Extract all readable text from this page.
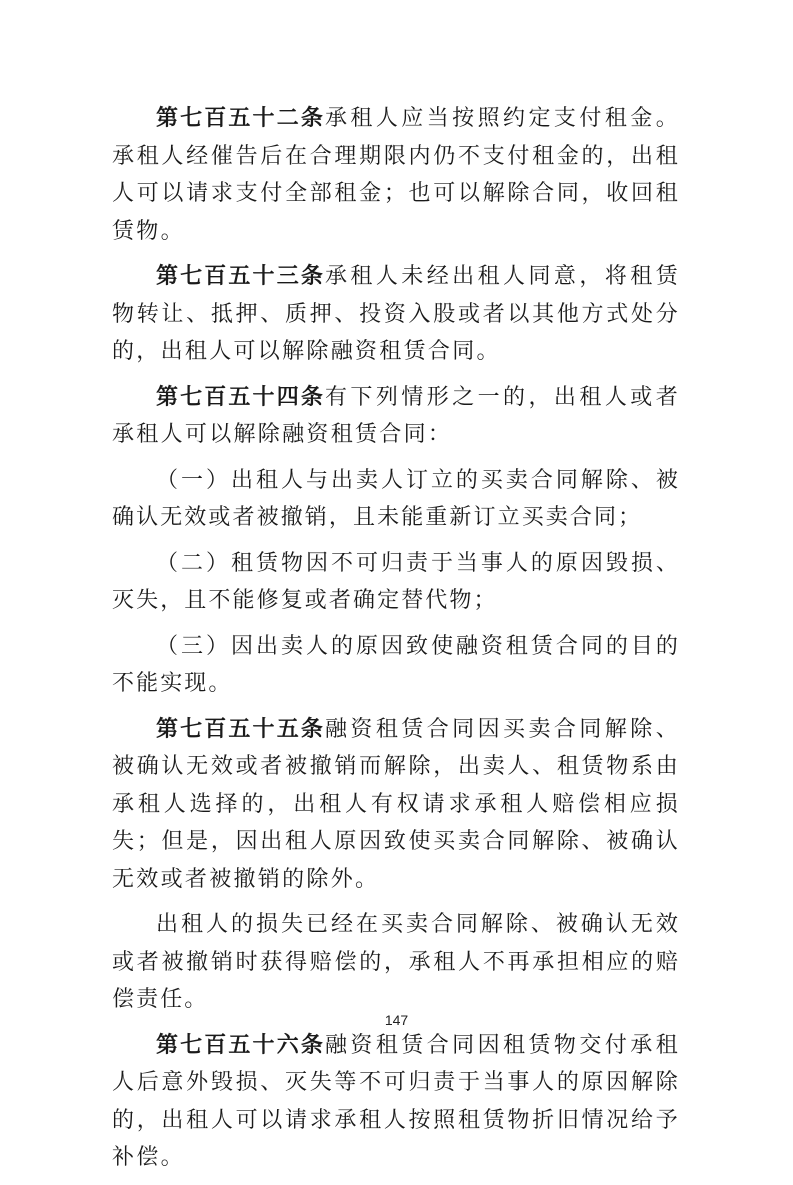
第七百五十二条承租人应当按照约定支付租金。承租人经催告后在合理期限内仍不支付租金的，出租人可以请求支付全部租金；也可以解除合同，收回租赁物。

第七百五十三条承租人未经出租人同意，将租赁物转让、抵押、质押、投资入股或者以其他方式处分的，出租人可以解除融资租赁合同。

第七百五十四条有下列情形之一的，出租人或者承租人可以解除融资租赁合同：

（一）出租人与出卖人订立的买卖合同解除、被确认无效或者被撤销，且未能重新订立买卖合同；

（二）租赁物因不可归责于当事人的原因毁损、灭失，且不能修复或者确定替代物；

（三）因出卖人的原因致使融资租赁合同的目的不能实现。

第七百五十五条融资租赁合同因买卖合同解除、被确认无效或者被撤销而解除，出卖人、租赁物系由承租人选择的，出租人有权请求承租人赔偿相应损失；但是，因出租人原因致使买卖合同解除、被确认无效或者被撤销的除外。

出租人的损失已经在买卖合同解除、被确认无效或者被撤销时获得赔偿的，承租人不再承担相应的赔偿责任。

第七百五十六条融资租赁合同因租赁物交付承租人后意外毁损、灭失等不可归责于当事人的原因解除的，出租人可以请求承租人按照租赁物折旧情况给予补偿。

147
